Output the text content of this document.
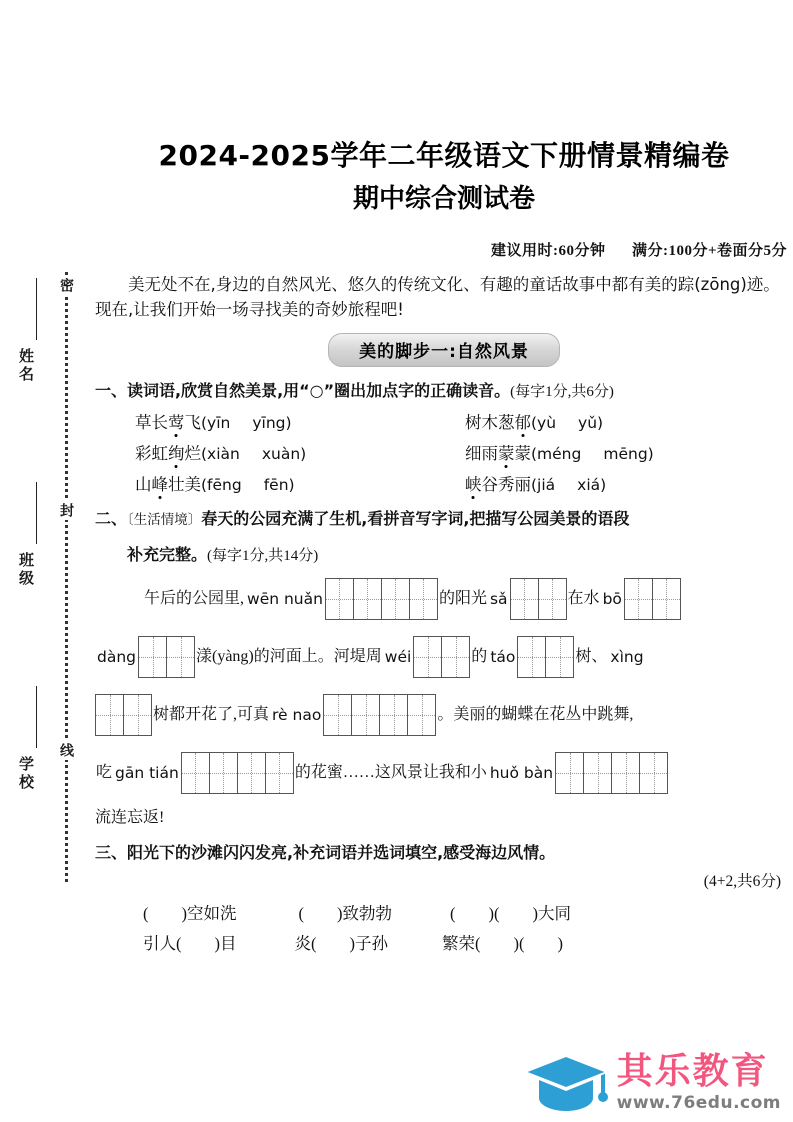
姓名
班级
学校
密
封
线
2024-2025学年二年级语文下册情景精编卷
期中综合测试卷
建议用时:60分钟 满分:100分+卷面分5分
美无处不在,身边的自然风光、悠久的传统文化、有趣的童话故事中都有美的踪(zōng)迹。现在,让我们开始一场寻找美的奇妙旅程吧!
美的脚步一:自然风景
一、读词语,欣赏自然美景,用“○”圈出加点字的正确读音。(每字1分,共6分)
草长莺飞(yīn yīng)	树木葱郁(yù yǔ)
彩虹绚烂(xiàn xuàn)	细雨蒙蒙(méng mēng)
山峰壮美(fēng fēn)	峡谷秀丽(jiá xiá)
二、〔生活情境〕春天的公园充满了生机,看拼音写字词,把描写公园美景的语段
补充完整。(每字1分,共14分)
午后的公园里, wēn nuǎn	的阳光 sǎ	在水 bō
dàng	漾(yàng)的河面上。河堤周 wéi	的 táo	树、 xìng
树都开花了,可真 rè nao	。美丽的蝴蝶在花丛中跳舞,
吃 gān tián	的花蜜……这风景让我和小 huǒ bàn
流连忘返!
三、阳光下的沙滩闪闪发亮,补充词语并选词填空,感受海边风情。
(4+2,共6分)
(  )空如洗	(  )致勃勃	(  )(  )大同
引人(  )目	炎(  )子孙	繁荣(  )(  )
其乐教育
www.76edu.com
